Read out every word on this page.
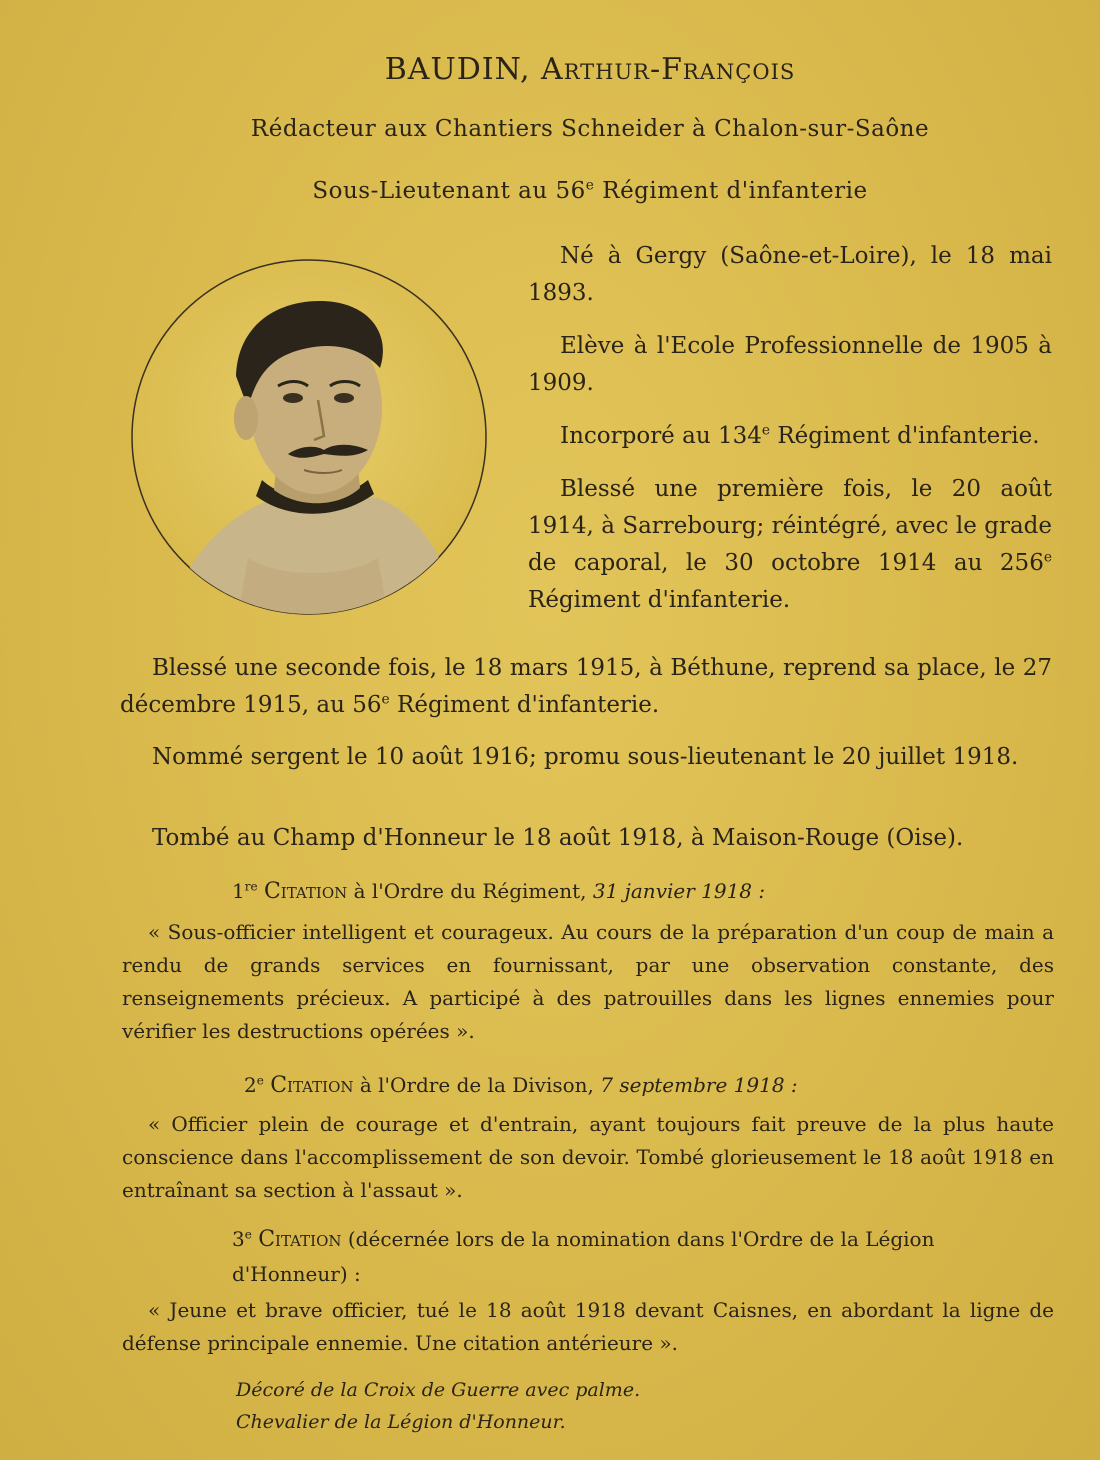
BAUDIN, Arthur-François
Rédacteur aux Chantiers Schneider à Chalon-sur-Saône
Sous-Lieutenant au 56e Régiment d'infanterie

Né à Gergy (Saône-et-Loire), le 18 mai 1893.

Elève à l'Ecole Professionnelle de 1905 à 1909.

Incorporé au 134e Régiment d'infanterie.

Blessé une première fois, le 20 août 1914, à Sarrebourg; réintégré, avec le grade de caporal, le 30 octobre 1914 au 256e Régiment d'infanterie.

Blessé une seconde fois, le 18 mars 1915, à Béthune, reprend sa place, le 27 décembre 1915, au 56e Régiment d'infanterie.

Nommé sergent le 10 août 1916; promu sous-lieutenant le 20 juillet 1918.

Tombé au Champ d'Honneur le 18 août 1918, à Maison-Rouge (Oise).

1re Citation à l'Ordre du Régiment, 31 janvier 1918 :

« Sous-officier intelligent et courageux. Au cours de la préparation d'un coup de main a rendu de grands services en fournissant, par une observation constante, des renseignements précieux. A participé à des patrouilles dans les lignes ennemies pour vérifier les destructions opérées ».

2e Citation à l'Ordre de la Divison, 7 septembre 1918 :

« Officier plein de courage et d'entrain, ayant toujours fait preuve de la plus haute conscience dans l'accomplissement de son devoir. Tombé glorieusement le 18 août 1918 en entraînant sa section à l'assaut ».

3e Citation (décernée lors de la nomination dans l'Ordre de la Légion d'Honneur) :

« Jeune et brave officier, tué le 18 août 1918 devant Caisnes, en abordant la ligne de défense principale ennemie. Une citation antérieure ».

Décoré de la Croix de Guerre avec palme.
Chevalier de la Légion d'Honneur.
